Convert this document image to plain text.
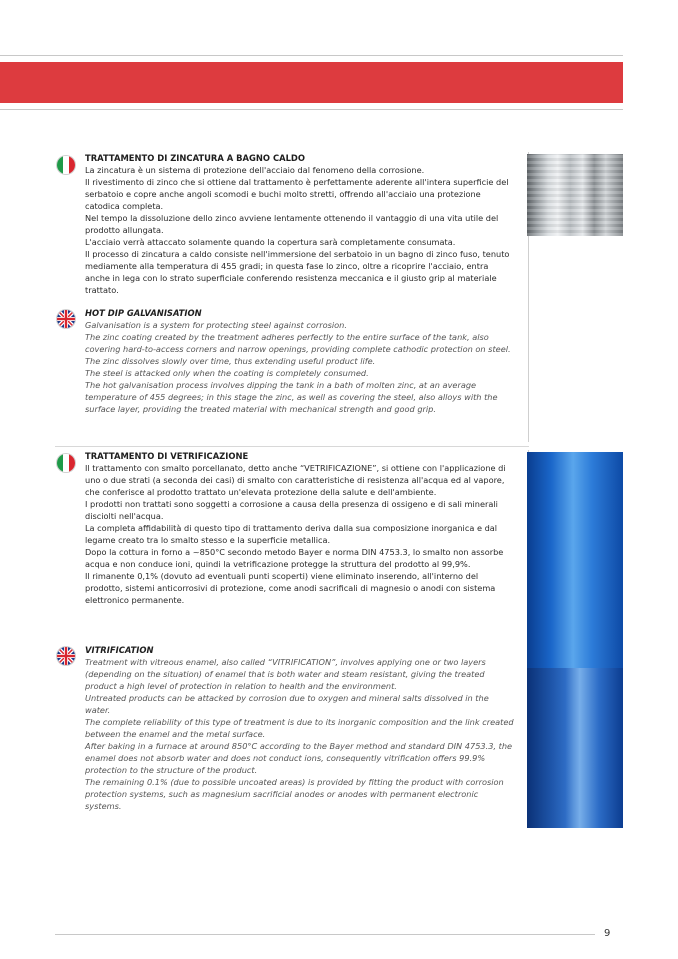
TRATTAMENTO DI ZINCATURA A BAGNO CALDO

La zincatura è un sistema di protezione dell'acciaio dal fenomeno della corrosione.

Il rivestimento di zinco che si ottiene dal trattamento è perfettamente aderente all'intera superficie del serbatoio e copre anche angoli scomodi e buchi molto stretti, offrendo all'acciaio una protezione catodica completa.

Nel tempo la dissoluzione dello zinco avviene lentamente ottenendo il vantaggio di una vita utile del prodotto allungata.

L'acciaio verrà attaccato solamente quando la copertura sarà completamente consumata.

Il processo di zincatura a caldo consiste nell'immersione del serbatoio in un bagno di zinco fuso, tenuto mediamente alla temperatura di 455 gradi; in questa fase lo zinco, oltre a ricoprire l'acciaio, entra anche in lega con lo strato superficiale conferendo resistenza meccanica e il giusto grip al materiale trattato.

HOT DIP GALVANISATION

Galvanisation is a system for protecting steel against corrosion.

The zinc coating created by the treatment adheres perfectly to the entire surface of the tank, also covering hard-to-access corners and narrow openings, providing complete cathodic protection on steel.

The zinc dissolves slowly over time, thus extending useful product life.

The steel is attacked only when the coating is completely consumed.

The hot galvanisation process involves dipping the tank in a bath of molten zinc, at an average temperature of 455 degrees; in this stage the zinc, as well as covering the steel, also alloys with the surface layer, providing the treated material with mechanical strength and good grip.

TRATTAMENTO DI VETRIFICAZIONE

Il trattamento con smalto porcellanato, detto anche “VETRIFICAZIONE”, si ottiene con l'applicazione di uno o due strati (a seconda dei casi) di smalto con caratteristiche di resistenza all'acqua ed al vapore, che conferisce al prodotto trattato un'elevata protezione della salute e dell'ambiente.

I prodotti non trattati sono soggetti a corrosione a causa della presenza di ossigeno e di sali minerali disciolti nell'acqua.

La completa affidabilità di questo tipo di trattamento deriva dalla sua composizione inorganica e dal legame creato tra lo smalto stesso e la superficie metallica.

Dopo la cottura in forno a ~850°C secondo metodo Bayer e norma DIN 4753.3, lo smalto non assorbe acqua e non conduce ioni, quindi la vetrificazione protegge la struttura del prodotto al 99,9%.

Il rimanente 0,1% (dovuto ad eventuali punti scoperti) viene eliminato inserendo, all'interno del prodotto, sistemi anticorrosivi di protezione, come anodi sacrificali di magnesio o anodi con sistema elettronico permanente.

VITRIFICATION

Treatment with vitreous enamel, also called “VITRIFICATION”, involves applying one or two layers (depending on the situation) of enamel that is both water and steam resistant, giving the treated product a high level of protection in relation to health and the environment.

Untreated products can be attacked by corrosion due to oxygen and mineral salts dissolved in the water.

The complete reliability of this type of treatment is due to its inorganic composition and the link created between the enamel and the metal surface.

After baking in a furnace at around 850°C according to the Bayer method and standard DIN 4753.3, the enamel does not absorb water and does not conduct ions, consequently vitrification offers 99.9% protection to the structure of the product.

The remaining 0.1% (due to possible uncoated areas) is provided by fitting the product with corrosion protection systems, such as magnesium sacrificial anodes or anodes with permanent electronic systems.

9
